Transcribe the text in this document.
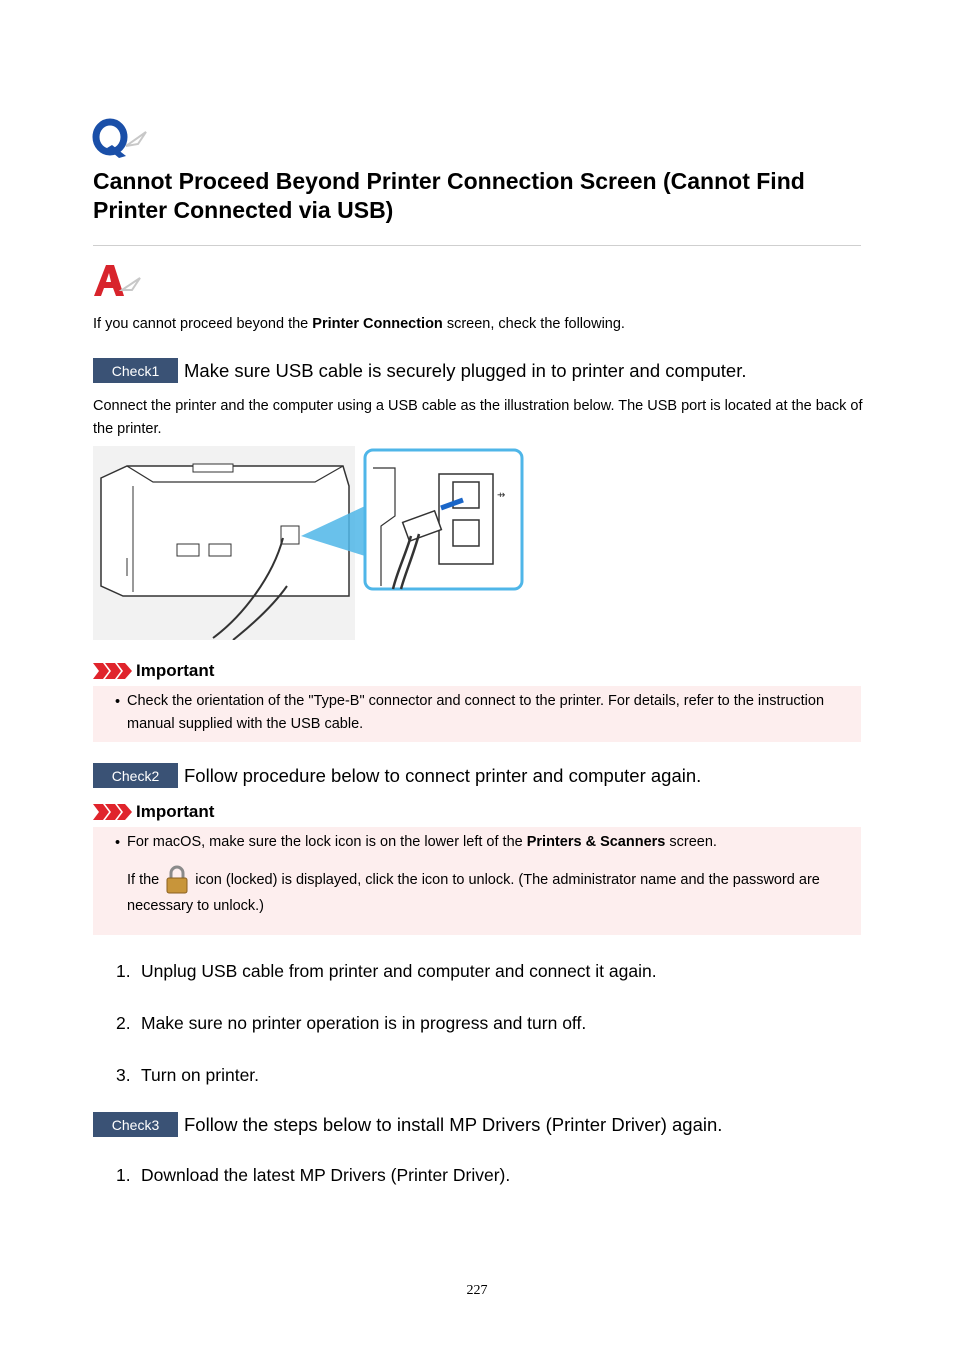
Cannot Proceed Beyond Printer Connection Screen (Cannot Find Printer Connected via USB)
If you cannot proceed beyond the Printer Connection screen, check the following.
Check1	Make sure USB cable is securely plugged in to printer and computer.
Connect the printer and the computer using a USB cable as the illustration below. The USB port is located at the back of the printer.
⇸
Important
• Check the orientation of the "Type-B" connector and connect to the printer. For details, refer to the instruction manual supplied with the USB cable.
Check2	Follow procedure below to connect printer and computer again.
Important
• For macOS, make sure the lock icon is on the lower left of the Printers & Scanners screen.
If the icon (locked) is displayed, click the icon to unlock. (The administrator name and the password are necessary to unlock.)
1. Unplug USB cable from printer and computer and connect it again.
2. Make sure no printer operation is in progress and turn off.
3. Turn on printer.
Check3	Follow the steps below to install MP Drivers (Printer Driver) again.
1. Download the latest MP Drivers (Printer Driver).
227
